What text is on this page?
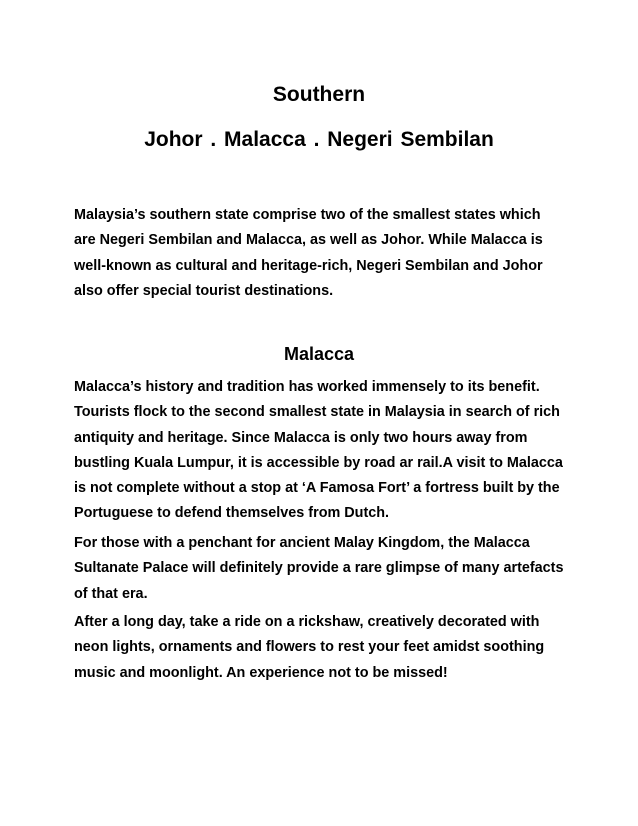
Southern
Johor . Malacca . Negeri Sembilan

Malaysia’s southern state comprise two of the smallest states which are Negeri Sembilan and Malacca, as well as Johor. While Malacca is well-known as cultural and heritage-rich, Negeri Sembilan and Johor also offer special tourist destinations.

Malacca

Malacca’s history and tradition has worked immensely to its benefit. Tourists flock to the second smallest state in Malaysia in search of rich antiquity and heritage. Since Malacca is only two hours away from bustling Kuala Lumpur, it is accessible by road ar rail.A visit to Malacca is not complete without a stop at ‘A Famosa Fort’ a fortress built by the Portuguese to defend themselves from Dutch.

For those with a penchant for ancient Malay Kingdom, the Malacca Sultanate Palace will definitely provide a rare glimpse of many artefacts of that era.

After a long day, take a ride on a rickshaw, creatively decorated with neon lights, ornaments and flowers to rest your feet amidst soothing music and moonlight. An experience not to be missed!
